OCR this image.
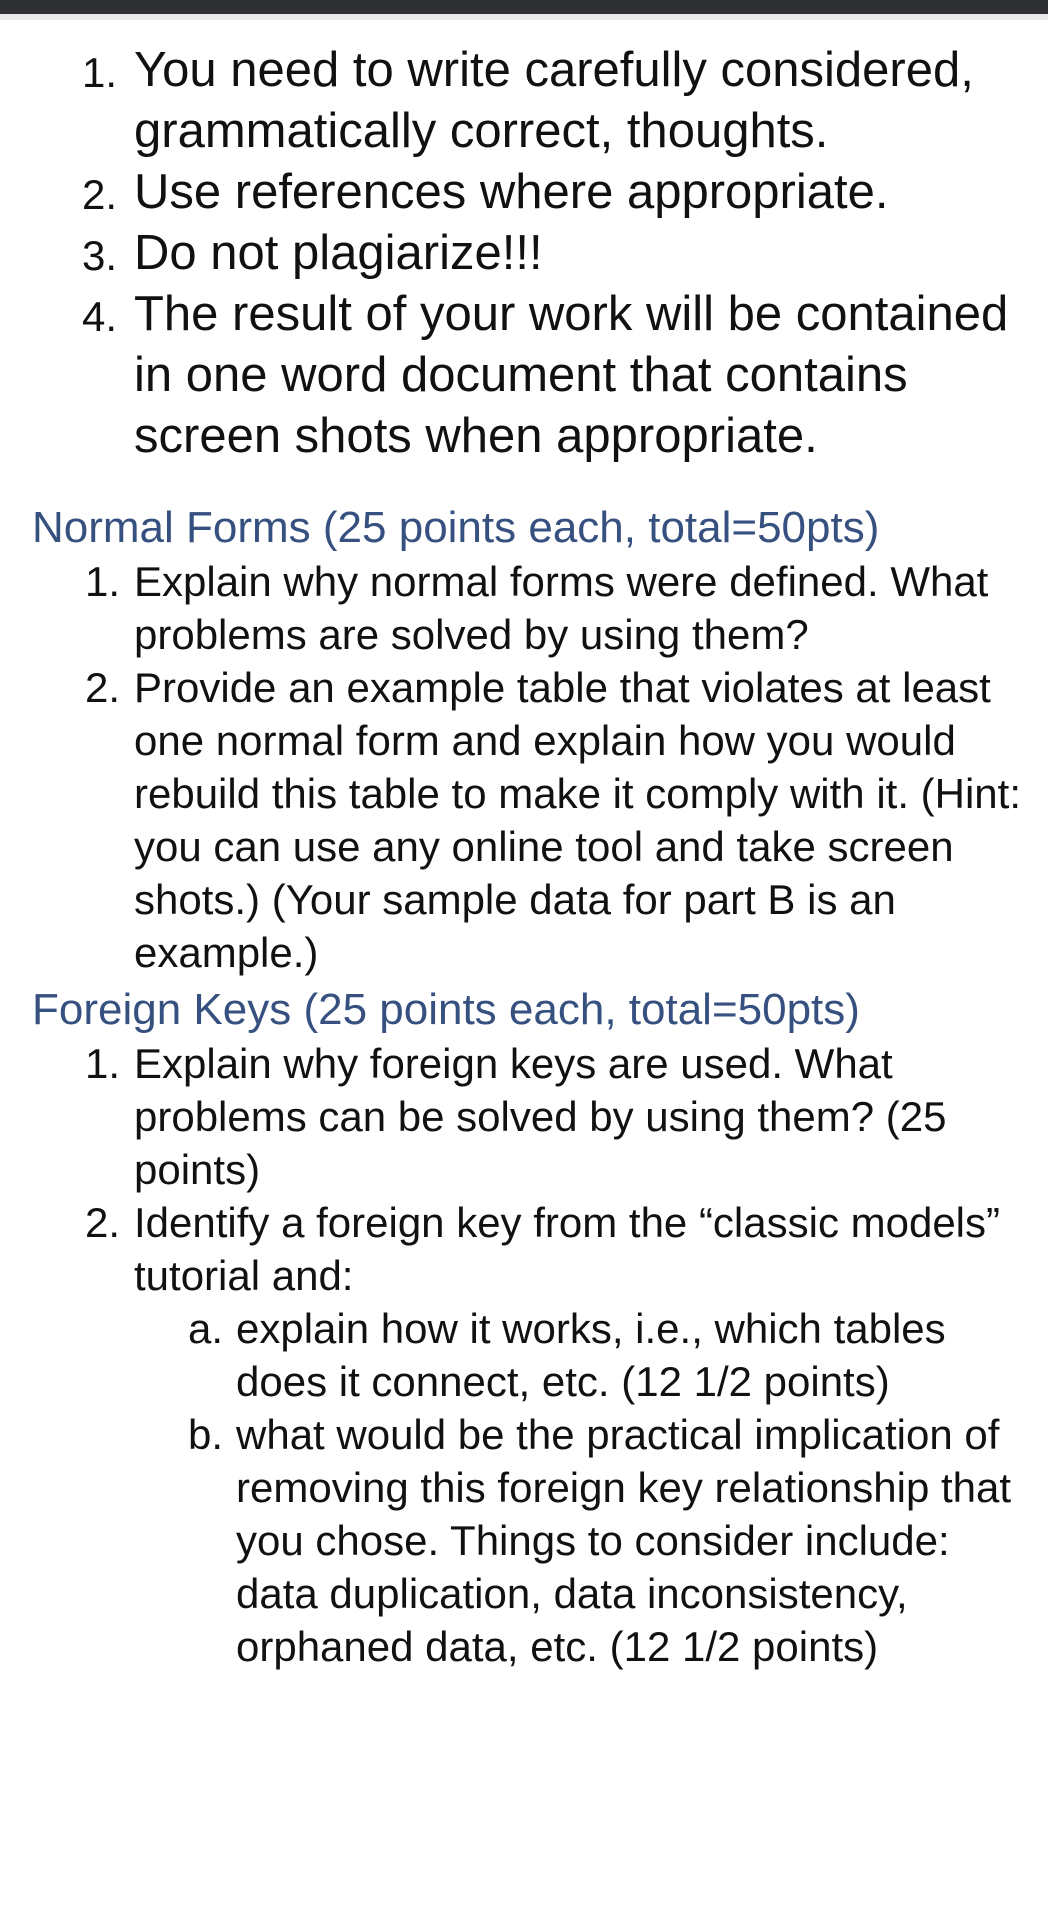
1. You need to write carefully considered, grammatically correct, thoughts.
2. Use references where appropriate.
3. Do not plagiarize!!!
4. The result of your work will be contained in one word document that contains screen shots when appropriate.
Normal Forms (25 points each, total=50pts)
1. Explain why normal forms were defined. What problems are solved by using them?
2. Provide an example table that violates at least one normal form and explain how you would rebuild this table to make it comply with it. (Hint: you can use any online tool and take screen shots.) (Your sample data for part B is an example.)
Foreign Keys (25 points each, total=50pts)
1. Explain why foreign keys are used. What problems can be solved by using them? (25 points)
2. Identify a foreign key from the “classic models” tutorial and:
a. explain how it works, i.e., which tables does it connect, etc. (12 1/2 points)
b. what would be the practical implication of removing this foreign key relationship that you chose. Things to consider include: data duplication, data inconsistency, orphaned data, etc. (12 1/2 points)
